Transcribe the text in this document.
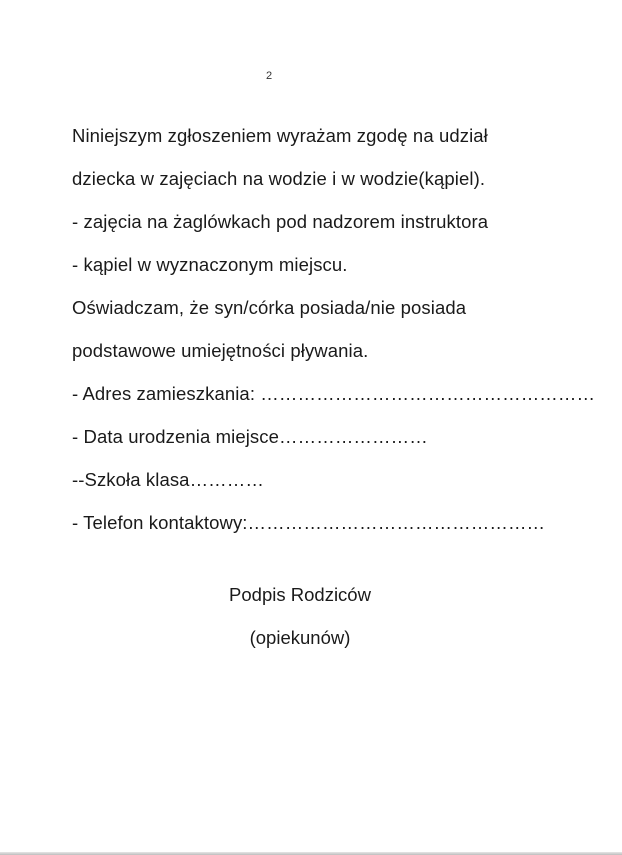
2
Niniejszym zgłoszeniem wyrażam zgodę na udział
dziecka w zajęciach na wodzie i w wodzie(kąpiel).
- zajęcia na żaglówkach pod nadzorem instruktora
- kąpiel w wyznaczonym miejscu.
Oświadczam, że syn/córka posiada/nie posiada
podstawowe umiejętności pływania.
- Adres zamieszkania: ………………………………………………
- Data urodzenia miejsce……………………
--Szkoła klasa…………
- Telefon kontaktowy:…………………………………………
Podpis Rodziców
(opiekunów)
